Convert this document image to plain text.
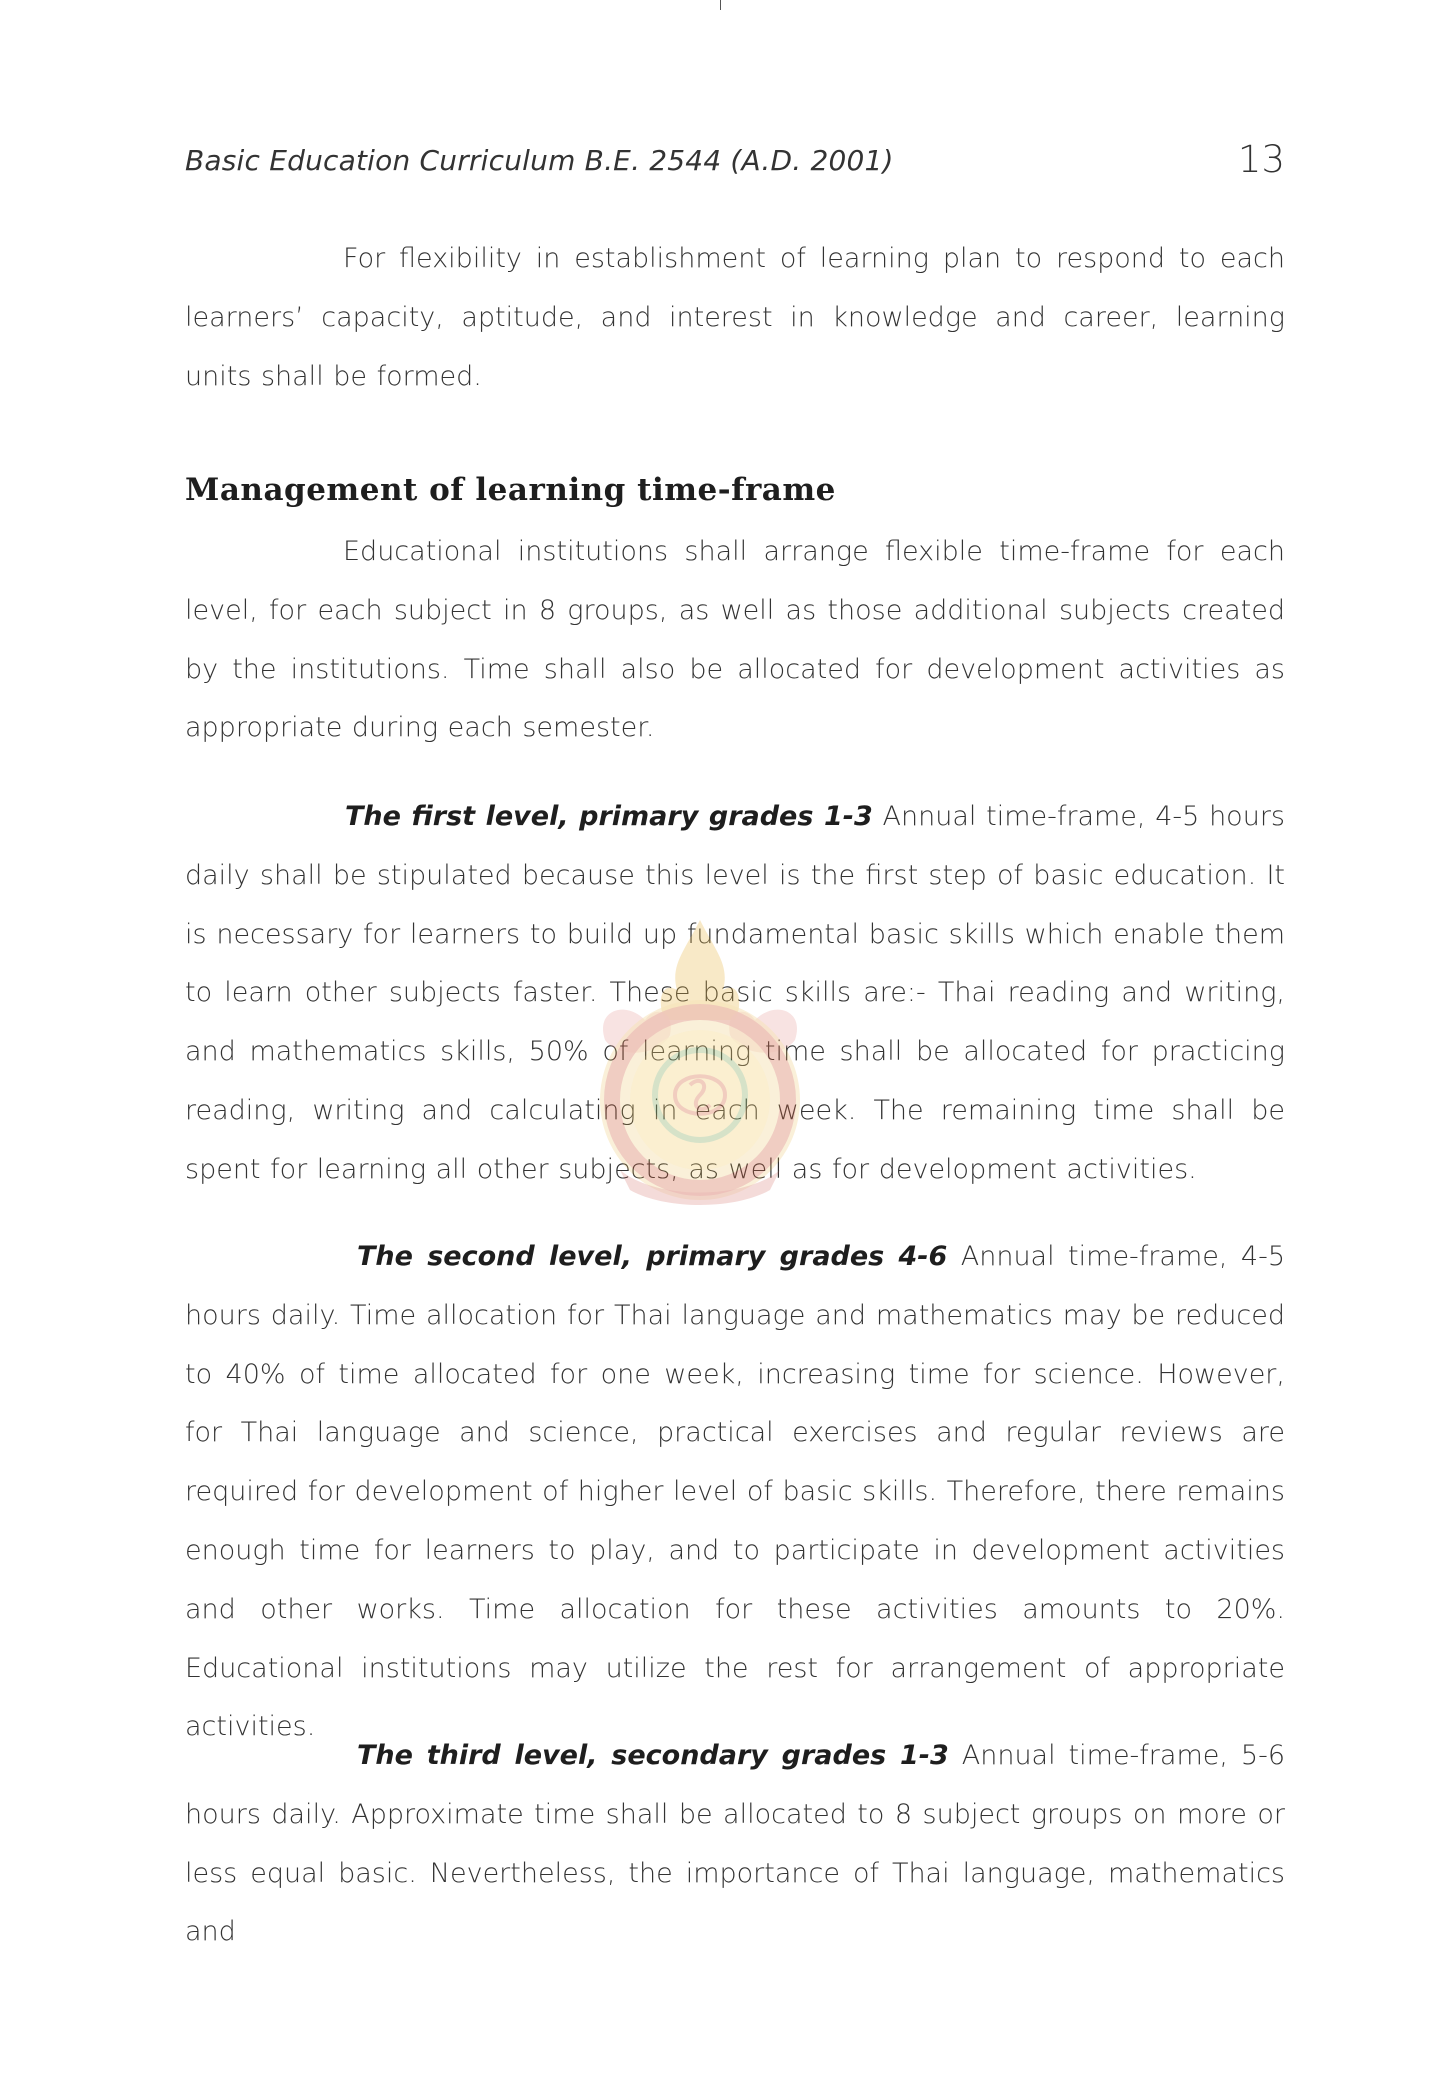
Basic Education Curriculum B.E. 2544 (A.D. 2001)	13

For flexibility in establishment of learning plan to respond to each learners’ capacity, aptitude, and interest in knowledge and career, learning units shall be formed.

Management of learning time-frame

Educational institutions shall arrange flexible time-frame for each level, for each subject in 8 groups, as well as those additional subjects created by the institutions. Time shall also be allocated for development activities as appropriate during each semester.

The first level, primary grades 1-3 Annual time-frame, 4-5 hours daily shall be stipulated because this level is the first step of basic education. It is necessary for learners to build up fundamental basic skills which enable them to learn other subjects faster. These basic skills are:- Thai reading and writing, and mathematics skills, 50% of learning time shall be allocated for practicing reading, writing and calculating in each week. The remaining time shall be spent for learning all other subjects, as well as for development activities.

The second level, primary grades 4-6 Annual time-frame, 4-5 hours daily. Time allocation for Thai language and mathematics may be reduced to 40% of time allocated for one week, increasing time for science. However, for Thai language and science, practical exercises and regular reviews are required for development of higher level of basic skills. Therefore, there remains enough time for learners to play, and to participate in development activities and other works. Time allocation for these activities amounts to 20%. Educational institutions may utilize the rest for arrangement of appropriate activities.

The third level, secondary grades 1-3 Annual time-frame, 5-6 hours daily. Approximate time shall be allocated to 8 subject groups on more or less equal basic. Nevertheless, the importance of Thai language, mathematics and
